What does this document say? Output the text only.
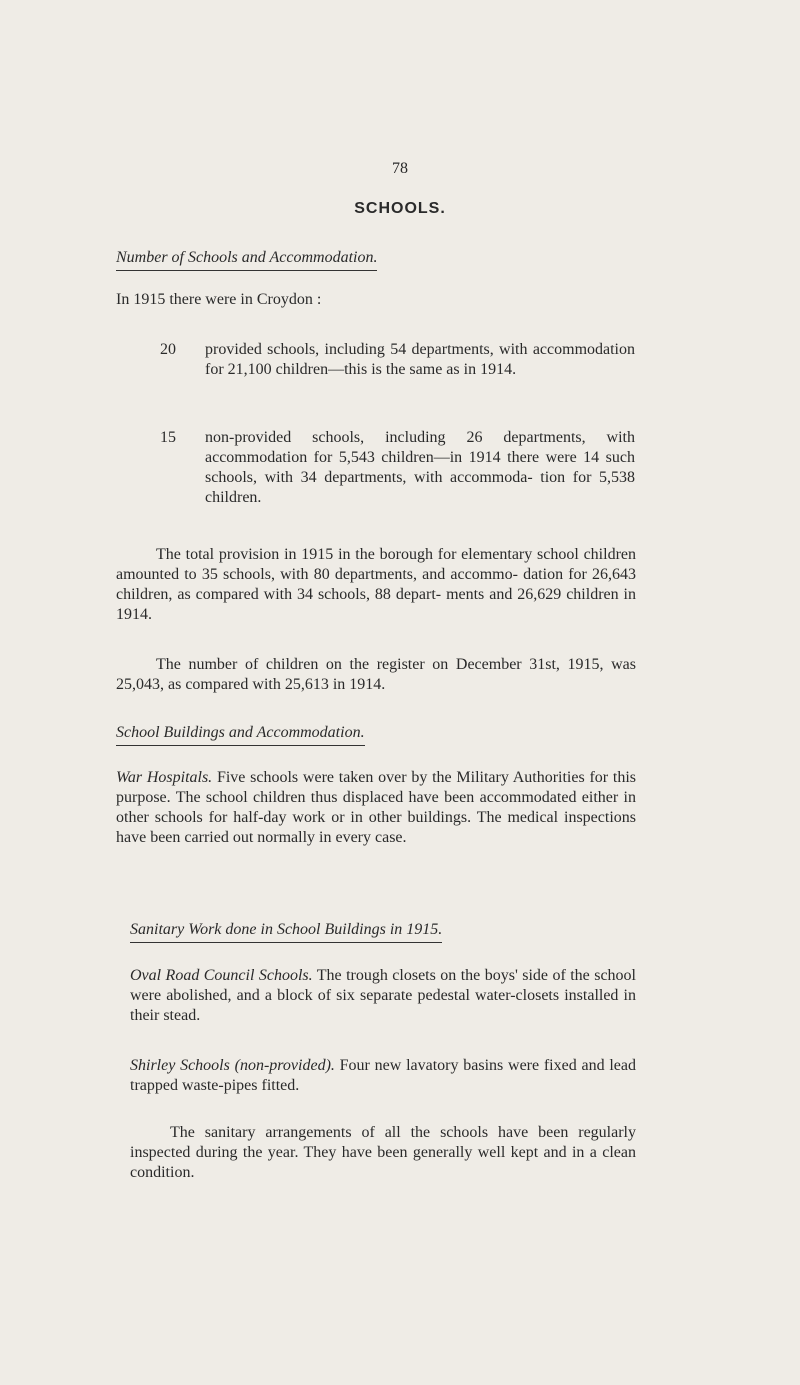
78
SCHOOLS.
Number of Schools and Accommodation.
In 1915 there were in Croydon :
20 provided schools, including 54 departments, with accommodation for 21,100 children—this is the same as in 1914.
15 non-provided schools, including 26 departments, with accommodation for 5,543 children—in 1914 there were 14 such schools, with 34 departments, with accommoda- tion for 5,538 children.
The total provision in 1915 in the borough for elementary school children amounted to 35 schools, with 80 departments, and accommo- dation for 26,643 children, as compared with 34 schools, 88 depart- ments and 26,629 children in 1914.
The number of children on the register on December 31st, 1915, was 25,043, as compared with 25,613 in 1914.
School Buildings and Accommodation.
War Hospitals. Five schools were taken over by the Military Authorities for this purpose. The school children thus displaced have been accommodated either in other schools for half-day work or in other buildings. The medical inspections have been carried out normally in every case.
Sanitary Work done in School Buildings in 1915.
Oval Road Council Schools. The trough closets on the boys' side of the school were abolished, and a block of six separate pedestal water-closets installed in their stead.
Shirley Schools (non-provided). Four new lavatory basins were fixed and lead trapped waste-pipes fitted.
The sanitary arrangements of all the schools have been regularly inspected during the year. They have been generally well kept and in a clean condition.
